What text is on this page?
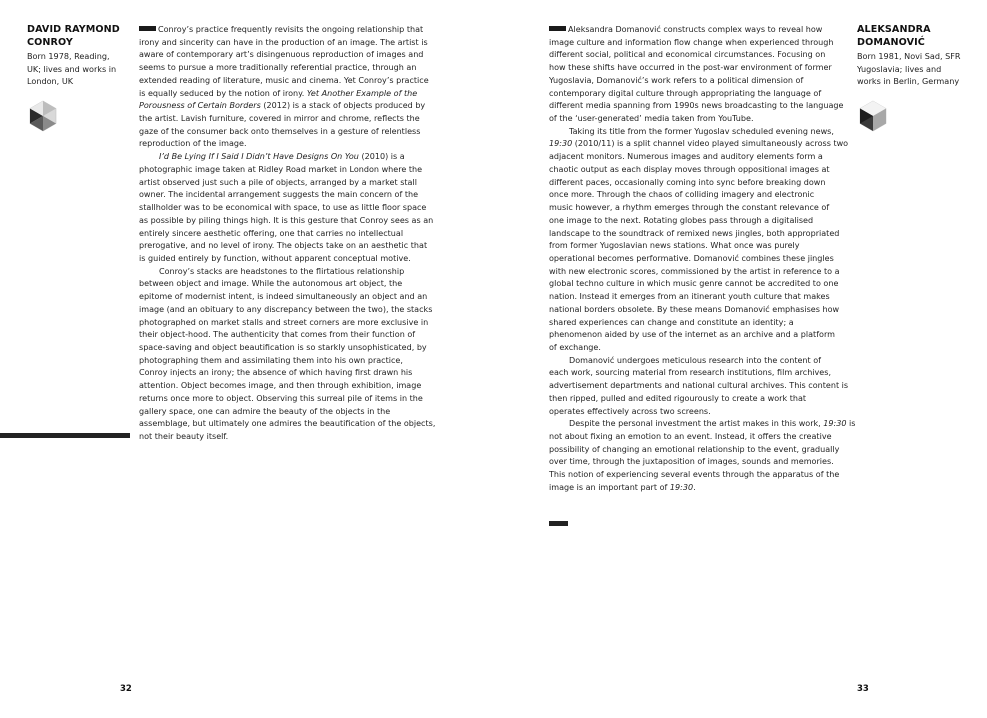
DAVID RAYMOND
CONROY
Born 1978, Reading,
UK; lives and works in
London, UK

Conroy’s practice frequently revisits the ongoing relationship that

irony and sincerity can have in the production of an image. The artist is

aware of contemporary art’s disingenuous reproduction of images and

seems to pursue a more traditionally referential practice, through an

extended reading of literature, music and cinema. Yet Conroy’s practice

is equally seduced by the notion of irony. Yet Another Example of the

Porousness of Certain Borders (2012) is a stack of objects produced by

the artist. Lavish furniture, covered in mirror and chrome, reflects the

gaze of the consumer back onto themselves in a gesture of relentless

reproduction of the image.

I’d Be Lying If I Said I Didn’t Have Designs On You (2010) is a

photographic image taken at Ridley Road market in London where the

artist observed just such a pile of objects, arranged by a market stall

owner. The incidental arrangement suggests the main concern of the

stallholder was to be economical with space, to use as little floor space

as possible by piling things high. It is this gesture that Conroy sees as an

entirely sincere aesthetic offering, one that carries no intellectual

prerogative, and no level of irony. The objects take on an aesthetic that

is guided entirely by function, without apparent conceptual motive.

Conroy’s stacks are headstones to the flirtatious relationship

between object and image. While the autonomous art object, the

epitome of modernist intent, is indeed simultaneously an object and an

image (and an obituary to any discrepancy between the two), the stacks

photographed on market stalls and street corners are more exclusive in

their object-hood. The authenticity that comes from their function of

space-saving and object beautification is so starkly unsophisticated, by

photographing them and assimilating them into his own practice,

Conroy injects an irony; the absence of which having first drawn his

attention. Object becomes image, and then through exhibition, image

returns once more to object. Observing this surreal pile of items in the

gallery space, one can admire the beauty of the objects in the

assemblage, but ultimately one admires the beautification of the objects,

not their beauty itself.

32

Aleksandra Domanović constructs complex ways to reveal how

image culture and information flow change when experienced through

different social, political and economical circumstances. Focusing on

how these shifts have occurred in the post-war environment of former

Yugoslavia, Domanović’s work refers to a political dimension of

contemporary digital culture through appropriating the language of

different media spanning from 1990s news broadcasting to the language

of the ‘user-generated’ media taken from YouTube.

Taking its title from the former Yugoslav scheduled evening news,

19:30 (2010/11) is a split channel video played simultaneously across two

adjacent monitors. Numerous images and auditory elements form a

chaotic output as each display moves through oppositional images at

different paces, occasionally coming into sync before breaking down

once more. Through the chaos of colliding imagery and electronic

music however, a rhythm emerges through the constant relevance of

one image to the next. Rotating globes pass through a digitalised

landscape to the soundtrack of remixed news jingles, both appropriated

from former Yugoslavian news stations. What once was purely

operational becomes performative. Domanović combines these jingles

with new electronic scores, commissioned by the artist in reference to a

global techno culture in which music genre cannot be accredited to one

nation. Instead it emerges from an itinerant youth culture that makes

national borders obsolete. By these means Domanović emphasises how

shared experiences can change and constitute an identity; a

phenomenon aided by use of the internet as an archive and a platform

of exchange.

Domanović undergoes meticulous research into the content of

each work, sourcing material from research institutions, film archives,

advertisement departments and national cultural archives. This content is

then ripped, pulled and edited rigourously to create a work that

operates effectively across two screens.

Despite the personal investment the artist makes in this work, 19:30 is

not about fixing an emotion to an event. Instead, it offers the creative

possibility of changing an emotional relationship to the event, gradually

over time, through the juxtaposition of images, sounds and memories.

This notion of experiencing several events through the apparatus of the

image is an important part of 19:30.

ALEKSANDRA
DOMANOVIĆ
Born 1981, Novi Sad, SFR
Yugoslavia; lives and
works in Berlin, Germany
33
